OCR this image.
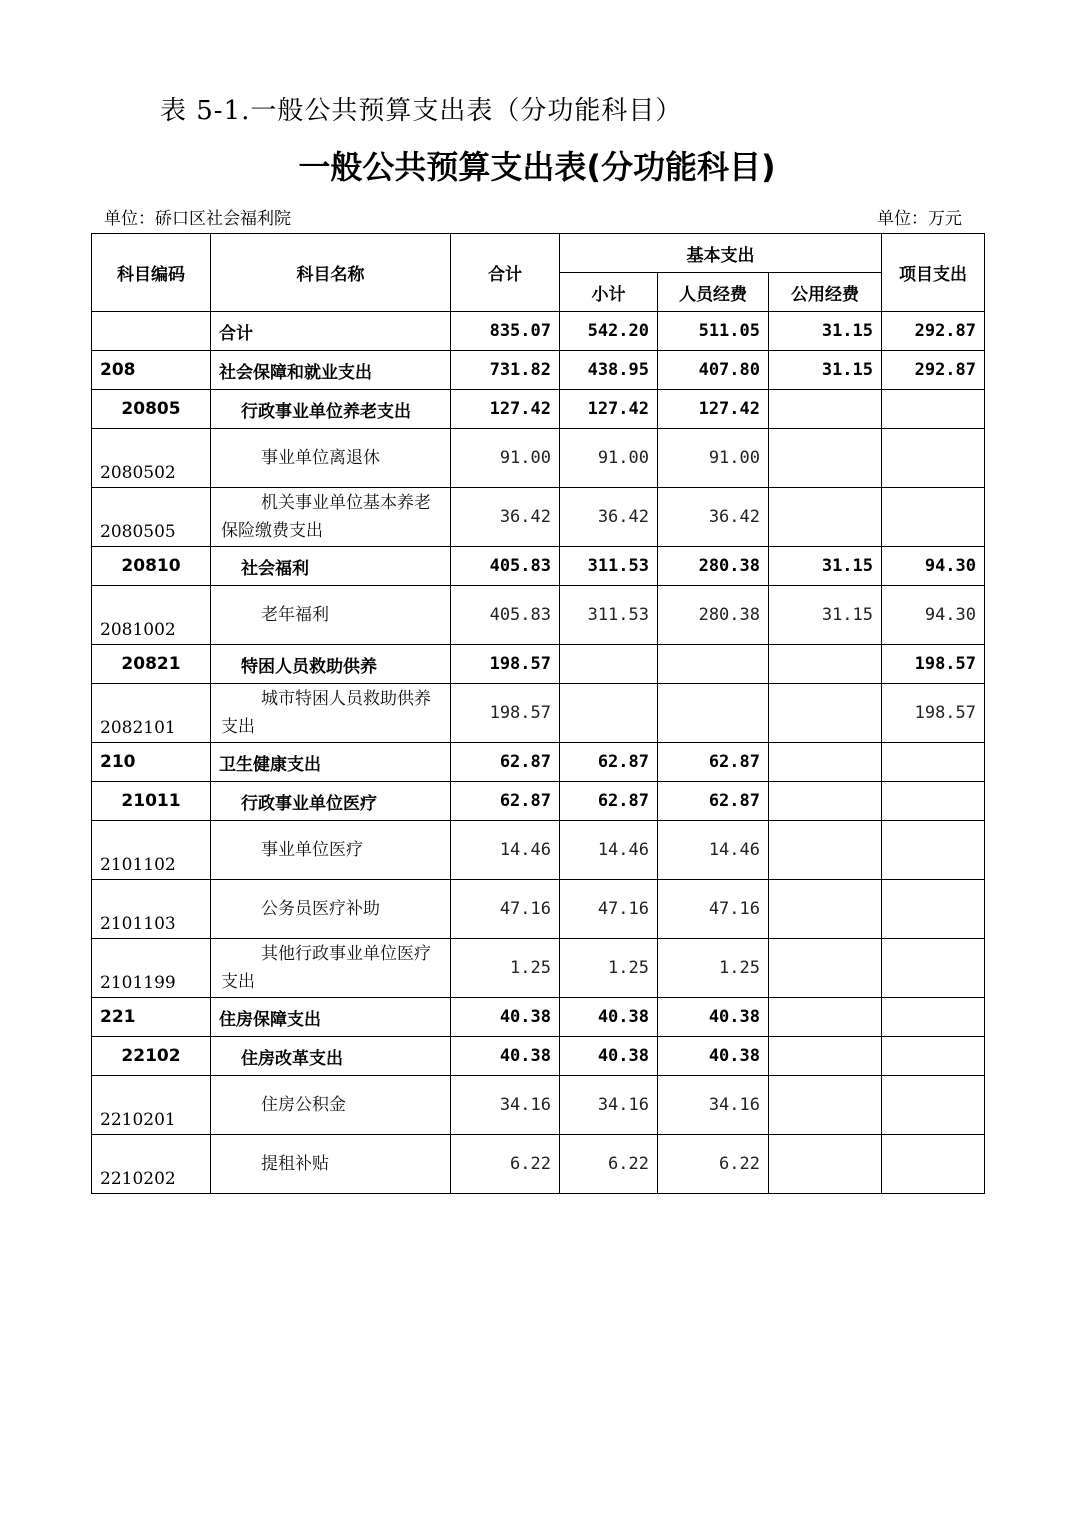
表 5-1.一般公共预算支出表（分功能科目）
一般公共预算支出表(分功能科目)
单位：硚口区社会福利院	单位：万元
科目编码	科目名称	合计	基本支出			项目支出
			小计	人员经费	公用经费	
	合计	835.07	542.20	511.05	31.15	292.87
208	社会保障和就业支出	731.82	438.95	407.80	31.15	292.87
20805	行政事业单位养老支出	127.42	127.42	127.42		
2080502	事业单位离退休	91.00	91.00	91.00		
2080505	机关事业单位基本养老保险缴费支出	36.42	36.42	36.42		
20810	社会福利	405.83	311.53	280.38	31.15	94.30
2081002	老年福利	405.83	311.53	280.38	31.15	94.30
20821	特困人员救助供养	198.57				198.57
2082101	城市特困人员救助供养支出	198.57				198.57
210	卫生健康支出	62.87	62.87	62.87		
21011	行政事业单位医疗	62.87	62.87	62.87		
2101102	事业单位医疗	14.46	14.46	14.46		
2101103	公务员医疗补助	47.16	47.16	47.16		
2101199	其他行政事业单位医疗支出	1.25	1.25	1.25		
221	住房保障支出	40.38	40.38	40.38		
22102	住房改革支出	40.38	40.38	40.38		
2210201	住房公积金	34.16	34.16	34.16		
2210202	提租补贴	6.22	6.22	6.22		
